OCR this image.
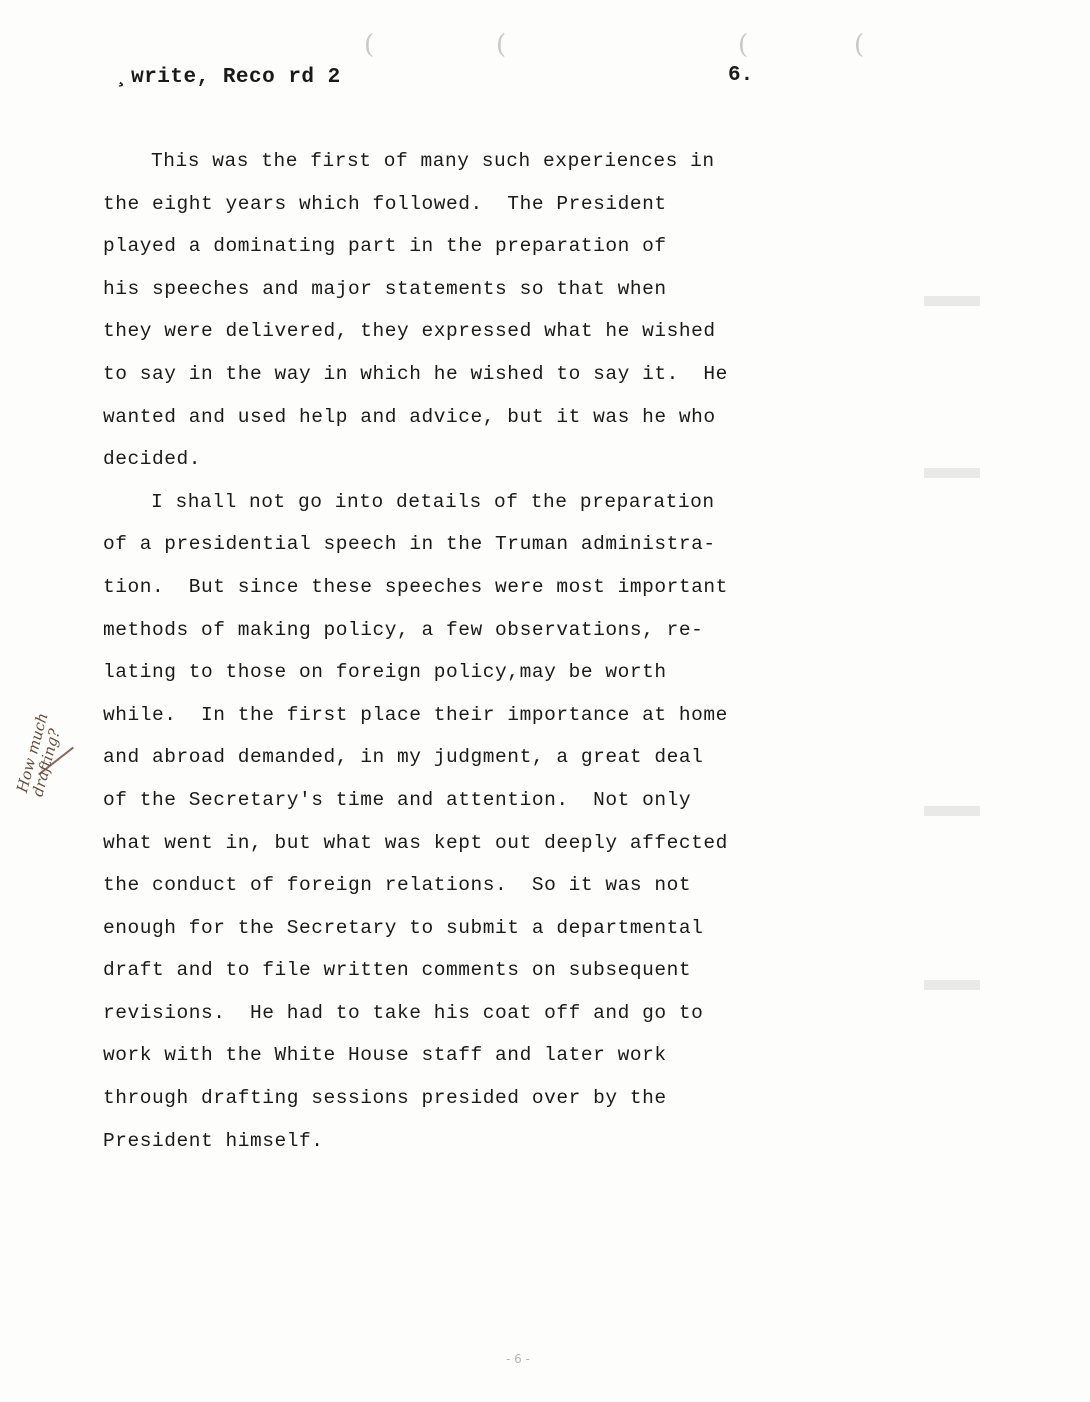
(	(	(	(
¸write, Reco rd 2	6.
This was the first of many such experiences in
the eight years which followed.  The President
played a dominating part in the preparation of
his speeches and major statements so that when
they were delivered, they expressed what he wished
to say in the way in which he wished to say it.  He
wanted and used help and advice, but it was he who
decided.
I shall not go into details of the preparation
of a presidential speech in the Truman administra-
tion.  But since these speeches were most important
methods of making policy, a few observations, re-
lating to those on foreign policy,may be worth
while.  In the first place their importance at home
and abroad demanded, in my judgment, a great deal
of the Secretary's time and attention.  Not only
what went in, but what was kept out deeply affected
the conduct of foreign relations.  So it was not
enough for the Secretary to submit a departmental
draft and to file written comments on subsequent
revisions.  He had to take his coat off and go to
work with the White House staff and later work
through drafting sessions presided over by the
President himself.
How much drafting?
- 6 -
